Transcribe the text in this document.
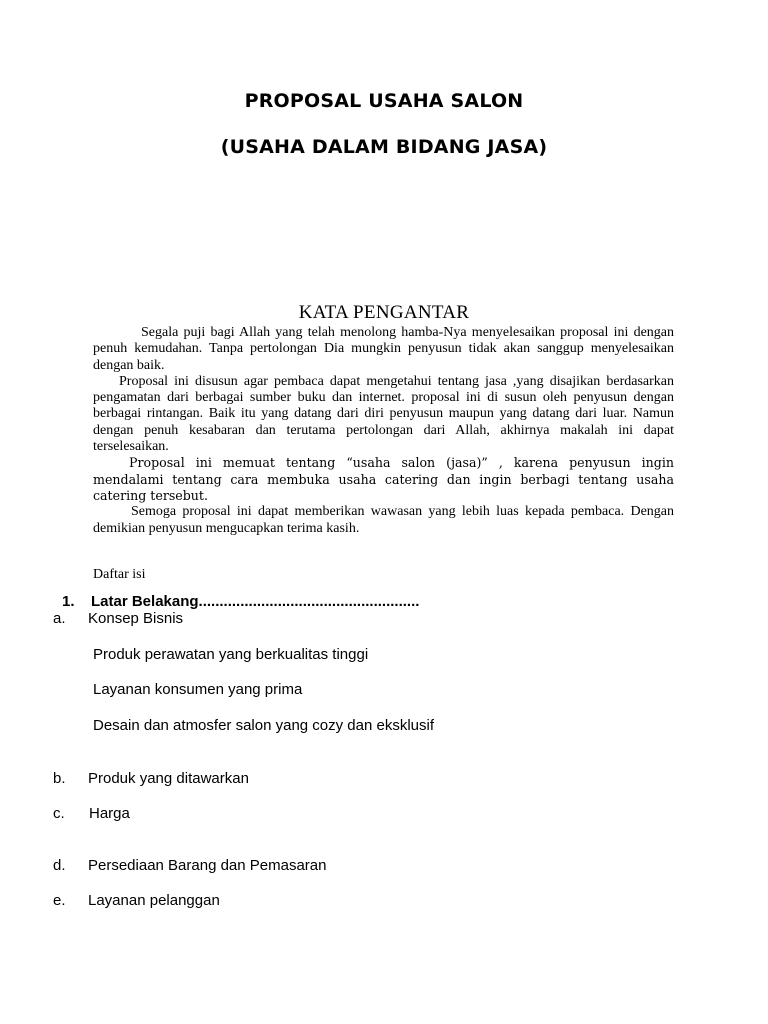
PROPOSAL USAHA SALON
(USAHA DALAM BIDANG JASA)
KATA PENGANTAR

Segala puji bagi Allah yang telah menolong hamba-Nya menyelesaikan proposal ini dengan penuh kemudahan. Tanpa pertolongan Dia mungkin penyusun tidak akan sanggup menyelesaikan dengan baik.

Proposal ini disusun agar pembaca dapat mengetahui tentang jasa ,yang disajikan berdasarkan pengamatan dari berbagai sumber buku dan internet. proposal ini di susun oleh penyusun dengan berbagai rintangan. Baik itu yang datang dari diri penyusun maupun yang datang dari luar. Namun dengan penuh kesabaran dan terutama pertolongan dari Allah, akhirnya makalah ini dapat terselesaikan.

Proposal ini memuat tentang “usaha salon (jasa)” , karena penyusun ingin mendalami tentang cara membuka usaha catering dan ingin berbagi tentang usaha catering tersebut.

Semoga proposal ini dapat memberikan wawasan yang lebih luas kepada pembaca. Dengan demikian penyusun mengucapkan terima kasih.

Daftar isi
1. Latar Belakang.....................................................
a. Konsep Bisnis
Produk perawatan yang berkualitas tinggi
Layanan konsumen yang prima
Desain dan atmosfer salon yang cozy dan eksklusif
b. Produk yang ditawarkan
c. Harga
d. Persediaan Barang dan Pemasaran
e. Layanan pelanggan
